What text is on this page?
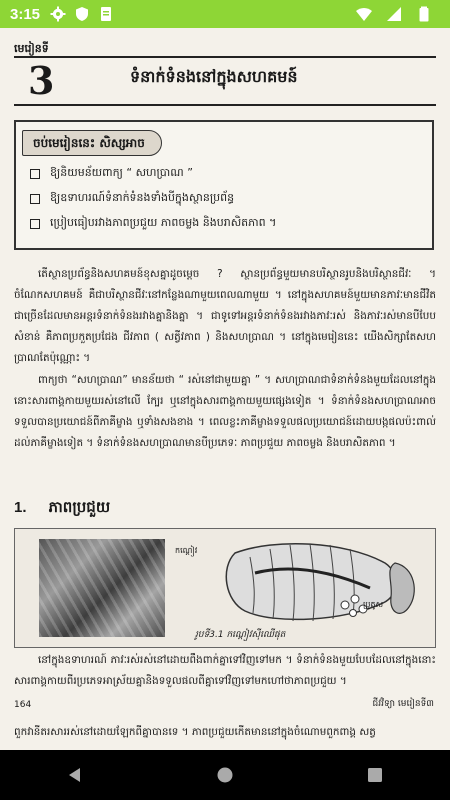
3:15
មេរៀនទី
3	ទំនាក់ទំនងនៅក្នុងសហគមន៍
ចប់មេរៀននេះ សិស្សអាច
ឱ្យនិយមន័យពាក្យ “ សហប្រាណ ”
ឱ្យឧទាហរណ៍ទំនាក់ទំនងទាំងបីក្នុងស្ថានប្រព័ន្ធ
ប្រៀបធៀបរវាងភាពប្រជួយ ភាពចម្លង និងបរាសិតភាព ។

តើស្ថានប្រព័ន្ធនិងសហគមន៍ខុសគ្នាដូចម្ដេច ? ស្ថានប្រព័ន្ធមួយមានបរិស្ថានរូបនិងបរិស្ថានជីវៈ ។ ចំណែកសហគមន៍ គឺជាបរិស្ថានជីវៈនៅកន្លែងណាមួយពេលណាមួយ ។ នៅក្នុងសហគមន៍មួយមានភាវៈមានជីវិតជាច្រើនដែលមានអន្តរទំនាក់ទំនងរវាងគ្នានិងគ្នា ។ ជាទូទៅអន្តរទំនាក់ទំនងរវាងភាវៈរស់ និងភាវៈរស់មានបីបែបសំខាន់ គឺភាពប្រកួតប្រជែង ជីវភាព ( សត្វីវភាព ) និងសហប្រាណ ។ នៅក្នុងមេរៀននេះ យើងសិក្សាតែសហប្រាណតែប៉ុណ្ណោះ ។

ពាក្យថា “សហប្រាណ” មានន័យថា “ រស់នៅជាមួយគ្នា ” ។ សហប្រាណជាទំនាក់ទំនងមួយដែលនៅក្នុងនោះសារពាង្គកាយមួយរស់នៅលើ ក្បែរ ឬនៅក្នុងសារពាង្គកាយមួយផ្សេងទៀត ។ ទំនាក់ទំនងសហប្រាណអាចទទួលបានប្រយោជន៍ពីភាគីម្ខាង ឬទាំងសងខាង ។ ពេលខ្លះភាគីម្ខាងទទួលផលប្រយោជន៍ដោយបង្កផលប៉ះពាល់ដល់ភាគីម្ខាងទៀត ។ ទំនាក់ទំនងសហប្រាណមានបីប្រភេទៈ ភាពប្រជួយ ភាពចម្លង និងបរាសិតភាព ។

1. ភាពប្រជួយ
កណ្ដៀវ
ប្រូតូស
រូបទី3.1 កណ្ដៀវស៊ីឈើផុត

នៅក្នុងឧទាហរណ៍ ភាវៈរស់រស់នៅដោយពឹងពាក់គ្នាទៅវិញទៅមក ។ ទំនាក់ទំនងមួយបែបដែលនៅក្នុងនោះសារពាង្គកាយពីរប្រភេទអាស្រ័យគ្នានិងទទួលផលពីគ្នាទៅវិញទៅមកហៅថាភាពប្រជួយ ។

164	ជីវវិទ្យា មេរៀនទី៣
ពួកវានីតរសាររស់នៅដោយឡែកពីគ្នាបានទេ ។ ភាពប្រជួយកើតមាននៅក្នុងចំណោមពួកពាង្គ សត្វ
